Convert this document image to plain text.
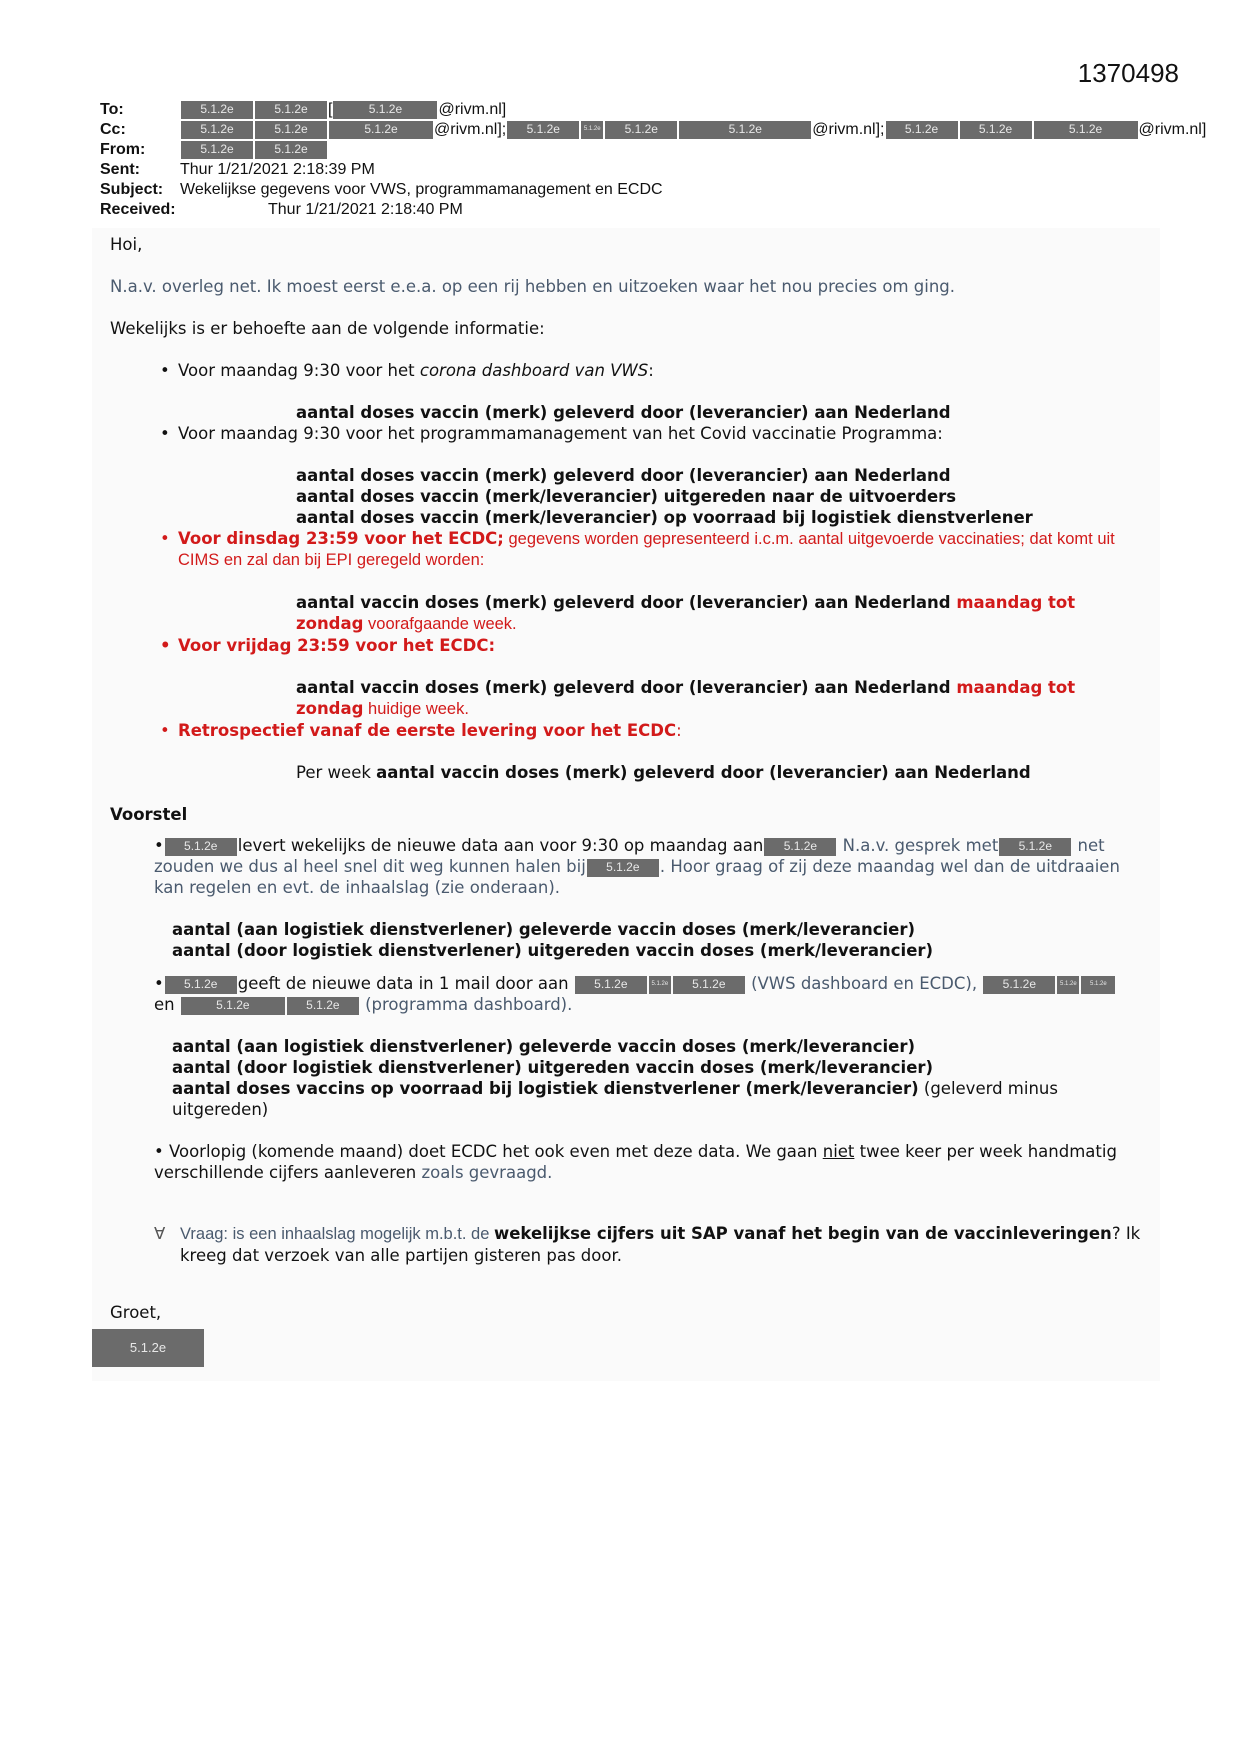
1370498
To:	5.1.2e	5.1.2e	[	5.1.2e	@rivm.nl]
Cc:	5.1.2e	5.1.2e	5.1.2e	@rivm.nl];	5.1.2e	5.1.2e	5.1.2e	5.1.2e	@rivm.nl];	5.1.2e	5.1.2e	5.1.2e	@rivm.nl]
From:	5.1.2e	5.1.2e
Sent:	Thur 1/21/2021 2:18:39 PM
Subject:	Wekelijkse gegevens voor VWS, programmamanagement en ECDC
Received:	Thur 1/21/2021 2:18:40 PM

Hoi,

N.a.v. overleg net. Ik moest eerst e.e.a. op een rij hebben en uitzoeken waar het nou precies om ging.

Wekelijks is er behoefte aan de volgende informatie:

• Voor maandag 9:30 voor het corona dashboard van VWS:

aantal doses vaccin (merk) geleverd door (leverancier) aan Nederland

• Voor maandag 9:30 voor het programmamanagement van het Covid vaccinatie Programma:

aantal doses vaccin (merk) geleverd door (leverancier) aan Nederland

aantal doses vaccin (merk/leverancier) uitgereden naar de uitvoerders

aantal doses vaccin (merk/leverancier) op voorraad bij logistiek dienstverlener

• Voor dinsdag 23:59 voor het ECDC; gegevens worden gepresenteerd i.c.m. aantal uitgevoerde vaccinaties; dat komt uit CIMS en zal dan bij EPI geregeld worden:

aantal vaccin doses (merk) geleverd door (leverancier) aan Nederland maandag tot zondag voorafgaande week.

• Voor vrijdag 23:59 voor het ECDC:

aantal vaccin doses (merk) geleverd door (leverancier) aan Nederland maandag tot zondag huidige week.

• Retrospectief vanaf de eerste levering voor het ECDC:

Per week aantal vaccin doses (merk) geleverd door (leverancier) aan Nederland

Voorstel

• 5.1.2e levert wekelijks de nieuwe data aan voor 9:30 op maandag aan 5.1.2e N.a.v. gesprek met 5.1.2e net zouden we dus al heel snel dit weg kunnen halen bij 5.1.2e . Hoor graag of zij deze maandag wel dan de uitdraaien kan regelen en evt. de inhaalslag (zie onderaan).

aantal (aan logistiek dienstverlener) geleverde vaccin doses (merk/leverancier)

aantal (door logistiek dienstverlener) uitgereden vaccin doses (merk/leverancier)

• 5.1.2e geeft de nieuwe data in 1 mail door aan 5.1.2e	5.1.2e 5.1.2e (VWS dashboard en ECDC), 5.1.2e	5.1.2e 5.1.2e en	5.1.2e	5.1.2e (programma dashboard).

aantal (aan logistiek dienstverlener) geleverde vaccin doses (merk/leverancier)

aantal (door logistiek dienstverlener) uitgereden vaccin doses (merk/leverancier)

aantal doses vaccins op voorraad bij logistiek dienstverlener (merk/leverancier) (geleverd minus uitgereden)

• Voorlopig (komende maand) doet ECDC het ook even met deze data. We gaan niet twee keer per week handmatig verschillende cijfers aanleveren zoals gevraagd.

∀ Vraag: is een inhaalslag mogelijk m.b.t. de wekelijkse cijfers uit SAP vanaf het begin van de vaccinleveringen? Ik kreeg dat verzoek van alle partijen gisteren pas door.

Groet,

5.1.2e
